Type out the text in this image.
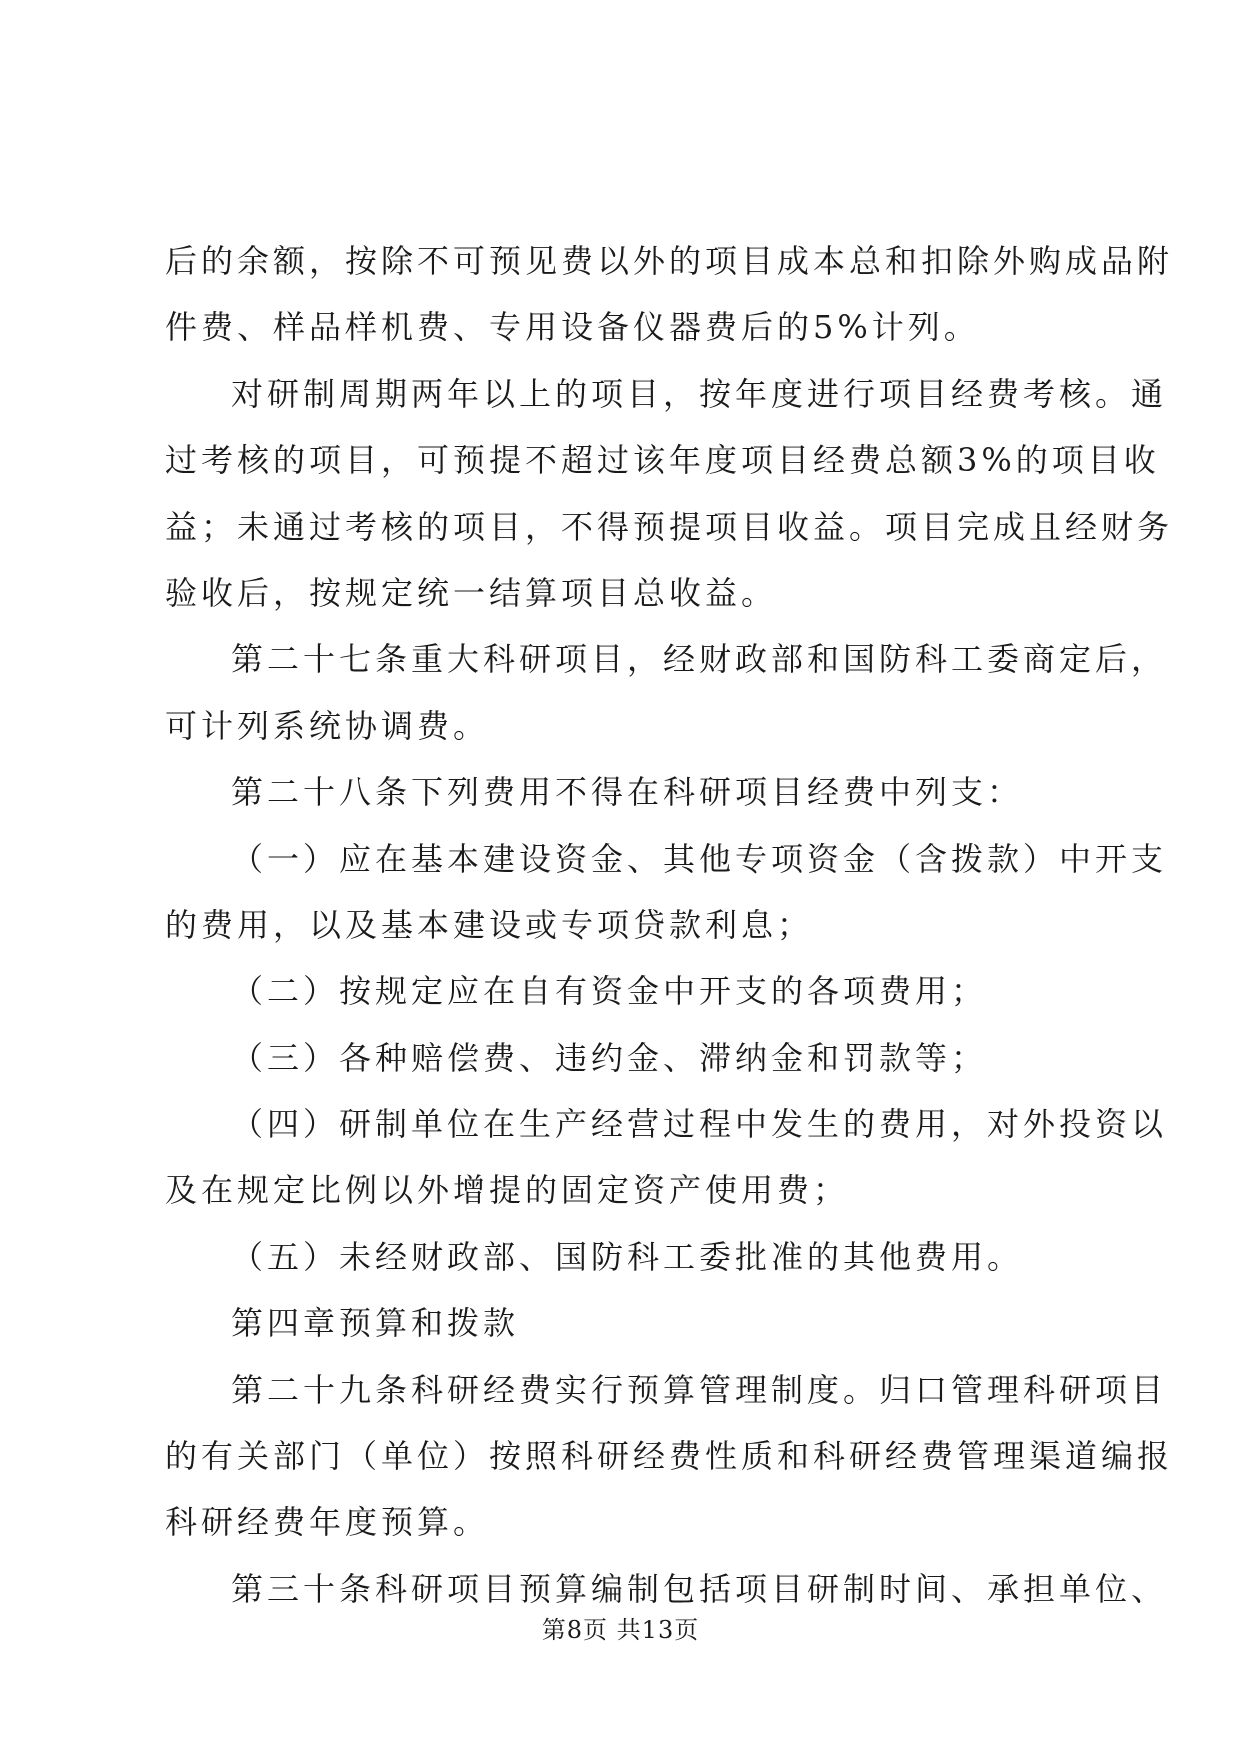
后的余额，按除不可预见费以外的项目成本总和扣除外购成品附
件费、样品样机费、专用设备仪器费后的5%计列。
对研制周期两年以上的项目，按年度进行项目经费考核。通
过考核的项目，可预提不超过该年度项目经费总额3%的项目收
益；未通过考核的项目，不得预提项目收益。项目完成且经财务
验收后，按规定统一结算项目总收益。
第二十七条重大科研项目，经财政部和国防科工委商定后，
可计列系统协调费。
第二十八条下列费用不得在科研项目经费中列支：
（一）应在基本建设资金、其他专项资金（含拨款）中开支
的费用，以及基本建设或专项贷款利息；
（二）按规定应在自有资金中开支的各项费用；
（三）各种赔偿费、违约金、滞纳金和罚款等；
（四）研制单位在生产经营过程中发生的费用，对外投资以
及在规定比例以外增提的固定资产使用费；
（五）未经财政部、国防科工委批准的其他费用。
第四章预算和拨款
第二十九条科研经费实行预算管理制度。归口管理科研项目
的有关部门（单位）按照科研经费性质和科研经费管理渠道编报
科研经费年度预算。
第三十条科研项目预算编制包括项目研制时间、承担单位、
第8页 共13页
